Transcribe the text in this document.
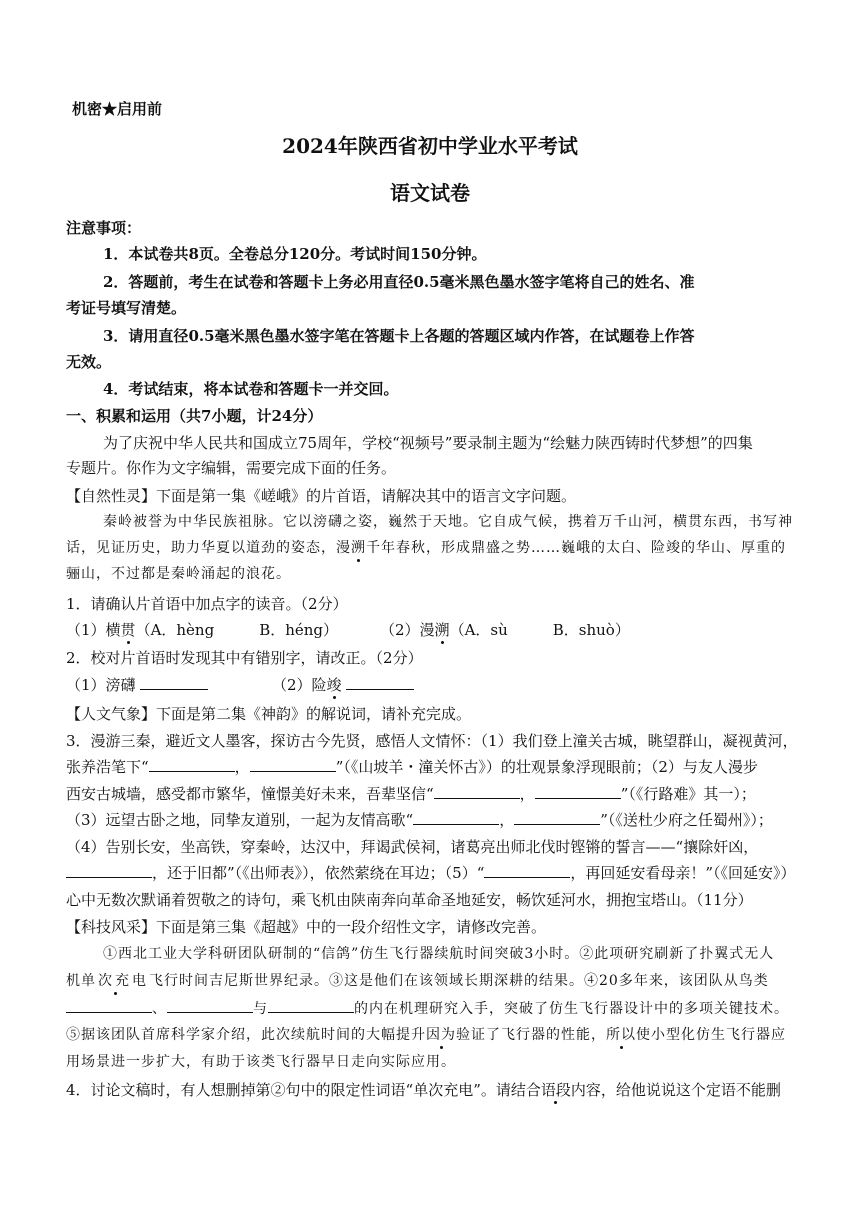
机密★启用前
2024年陕西省初中学业水平考试
语文试卷
注意事项：
1．本试卷共8页。全卷总分120分。考试时间150分钟。
2．答题前，考生在试卷和答题卡上务必用直径0.5毫米黑色墨水签字笔将自己的姓名、准
考证号填写清楚。
3．请用直径0.5毫米黑色墨水签字笔在答题卡上各题的答题区域内作答，在试题卷上作答
无效。
4．考试结束，将本试卷和答题卡一并交回。
一、积累和运用（共7小题，计24分）
为了庆祝中华人民共和国成立75周年，学校“视频号”要录制主题为“绘魅力陕西铸时代梦想”的四集
专题片。你作为文字编辑，需要完成下面的任务。
【自然性灵】下面是第一集《嵯峨》的片首语，请解决其中的语言文字问题。
秦岭被誉为中华民族祖脉。它以滂礴之姿，巍然于天地。它自成气候，携着万千山河，横贯东西，书写神
话，见证历史，助力华夏以道劲的姿态，漫溯千年春秋，形成鼎盛之势……巍峨的太白、险竣的华山、厚重的
骊山，不过都是秦岭涌起的浪花。
1．请确认片首语中加点字的读音。（2分）
（1）横贯（A．hèng　　　B．héng）	（2）漫溯（A．sù　　　B．shuò）
2．校对片首语时发现其中有错别字，请改正。（2分）
（1）滂礴	（2）险竣
【人文气象】下面是第二集《神韵》的解说词，请补充完成。
3．漫游三秦，避近文人墨客，探访古今先贤，感悟人文情怀：（1）我们登上潼关古城，眺望群山，凝视黄河，
张养浩笔下“	，	”（《山坡羊・潼关怀古》）的壮观景象浮现眼前；（2）与友人漫步
西安古城墙，感受都市繁华，憧憬美好未来，吾辈坚信“	，	”（《行路难》其一）；
（3）远望古卧之地，同挚友道别，一起为友情高歌“	，	”（《送杜少府之任蜀州》）；
（4）告别长安，坐高铁，穿秦岭，达汉中，拜谒武侯祠，诸葛亮出师北伐时铿锵的誓言——“攘除奸凶，
，还于旧都”（《出师表》），依然萦绕在耳边；（5）“	，再回延安看母亲！”（《回延安》）
心中无数次默诵着贺敬之的诗句，乘飞机由陕南奔向革命圣地延安，畅饮延河水，拥抱宝塔山。（11分）
【科技风采】下面是第三集《超越》中的一段介绍性文字，请修改完善。
①西北工业大学科研团队研制的“信鸽”仿生飞行器续航时间突破3小时。②此项研究刷新了扑翼式无人
机单次充电飞行时间吉尼斯世界纪录。③这是他们在该领域长期深耕的结果。④20多年来，该团队从鸟类
、	与	的内在机理研究入手，突破了仿生飞行器设计中的多项关键技术。
⑤据该团队首席科学家介绍，此次续航时间的大幅提升因为验证了飞行器的性能，所以使小型化仿生飞行器应
用场景进一步扩大，有助于该类飞行器早日走向实际应用。
4．讨论文稿时，有人想删掉第②句中的限定性词语“单次充电”。请结合语段内容，给他说说这个定语不能删
